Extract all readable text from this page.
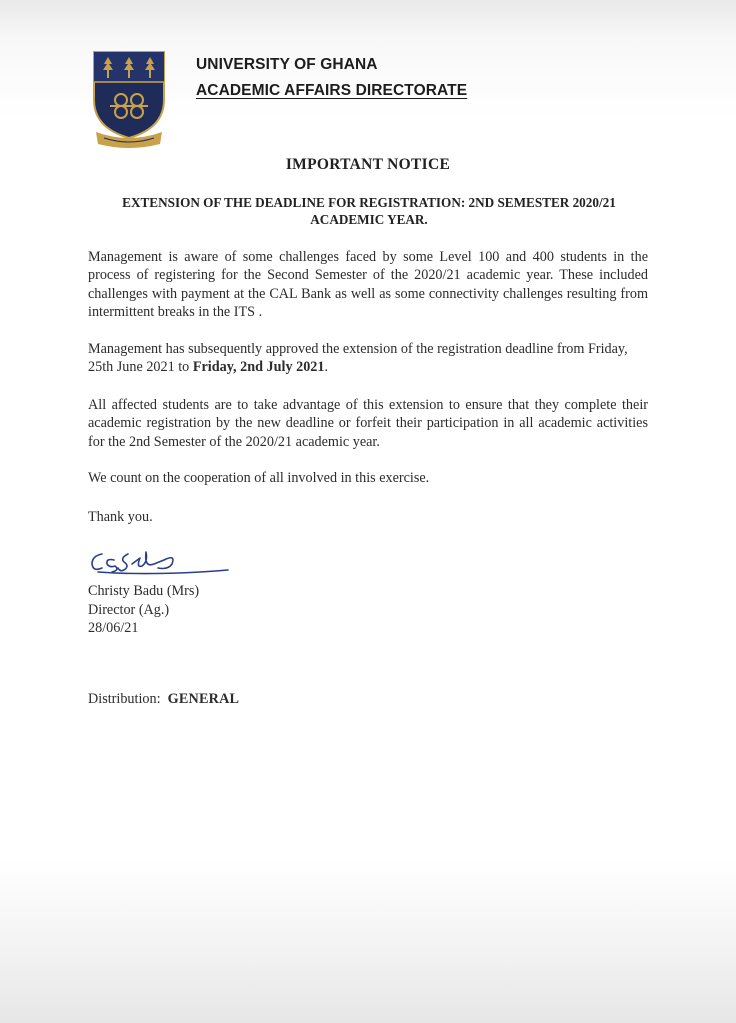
UNIVERSITY OF GHANA
ACADEMIC AFFAIRS DIRECTORATE
IMPORTANT NOTICE
EXTENSION OF THE DEADLINE FOR REGISTRATION: 2ND SEMESTER 2020/21
ACADEMIC YEAR.
Management is aware of some challenges faced by some Level 100 and 400 students in the process of registering for the Second Semester of the 2020/21 academic year. These included challenges with payment at the CAL Bank as well as some connectivity challenges resulting from intermittent breaks in the ITS .
Management has subsequently approved the extension of the registration deadline from Friday, 25th June 2021 to Friday, 2nd July 2021.
All affected students are to take advantage of this extension to ensure that they complete their academic registration by the new deadline or forfeit their participation in all academic activities for the 2nd Semester of the 2020/21 academic year.
We count on the cooperation of all involved in this exercise.
Thank you.
Christy Badu (Mrs)
Director (Ag.)
28/06/21
Distribution: GENERAL
